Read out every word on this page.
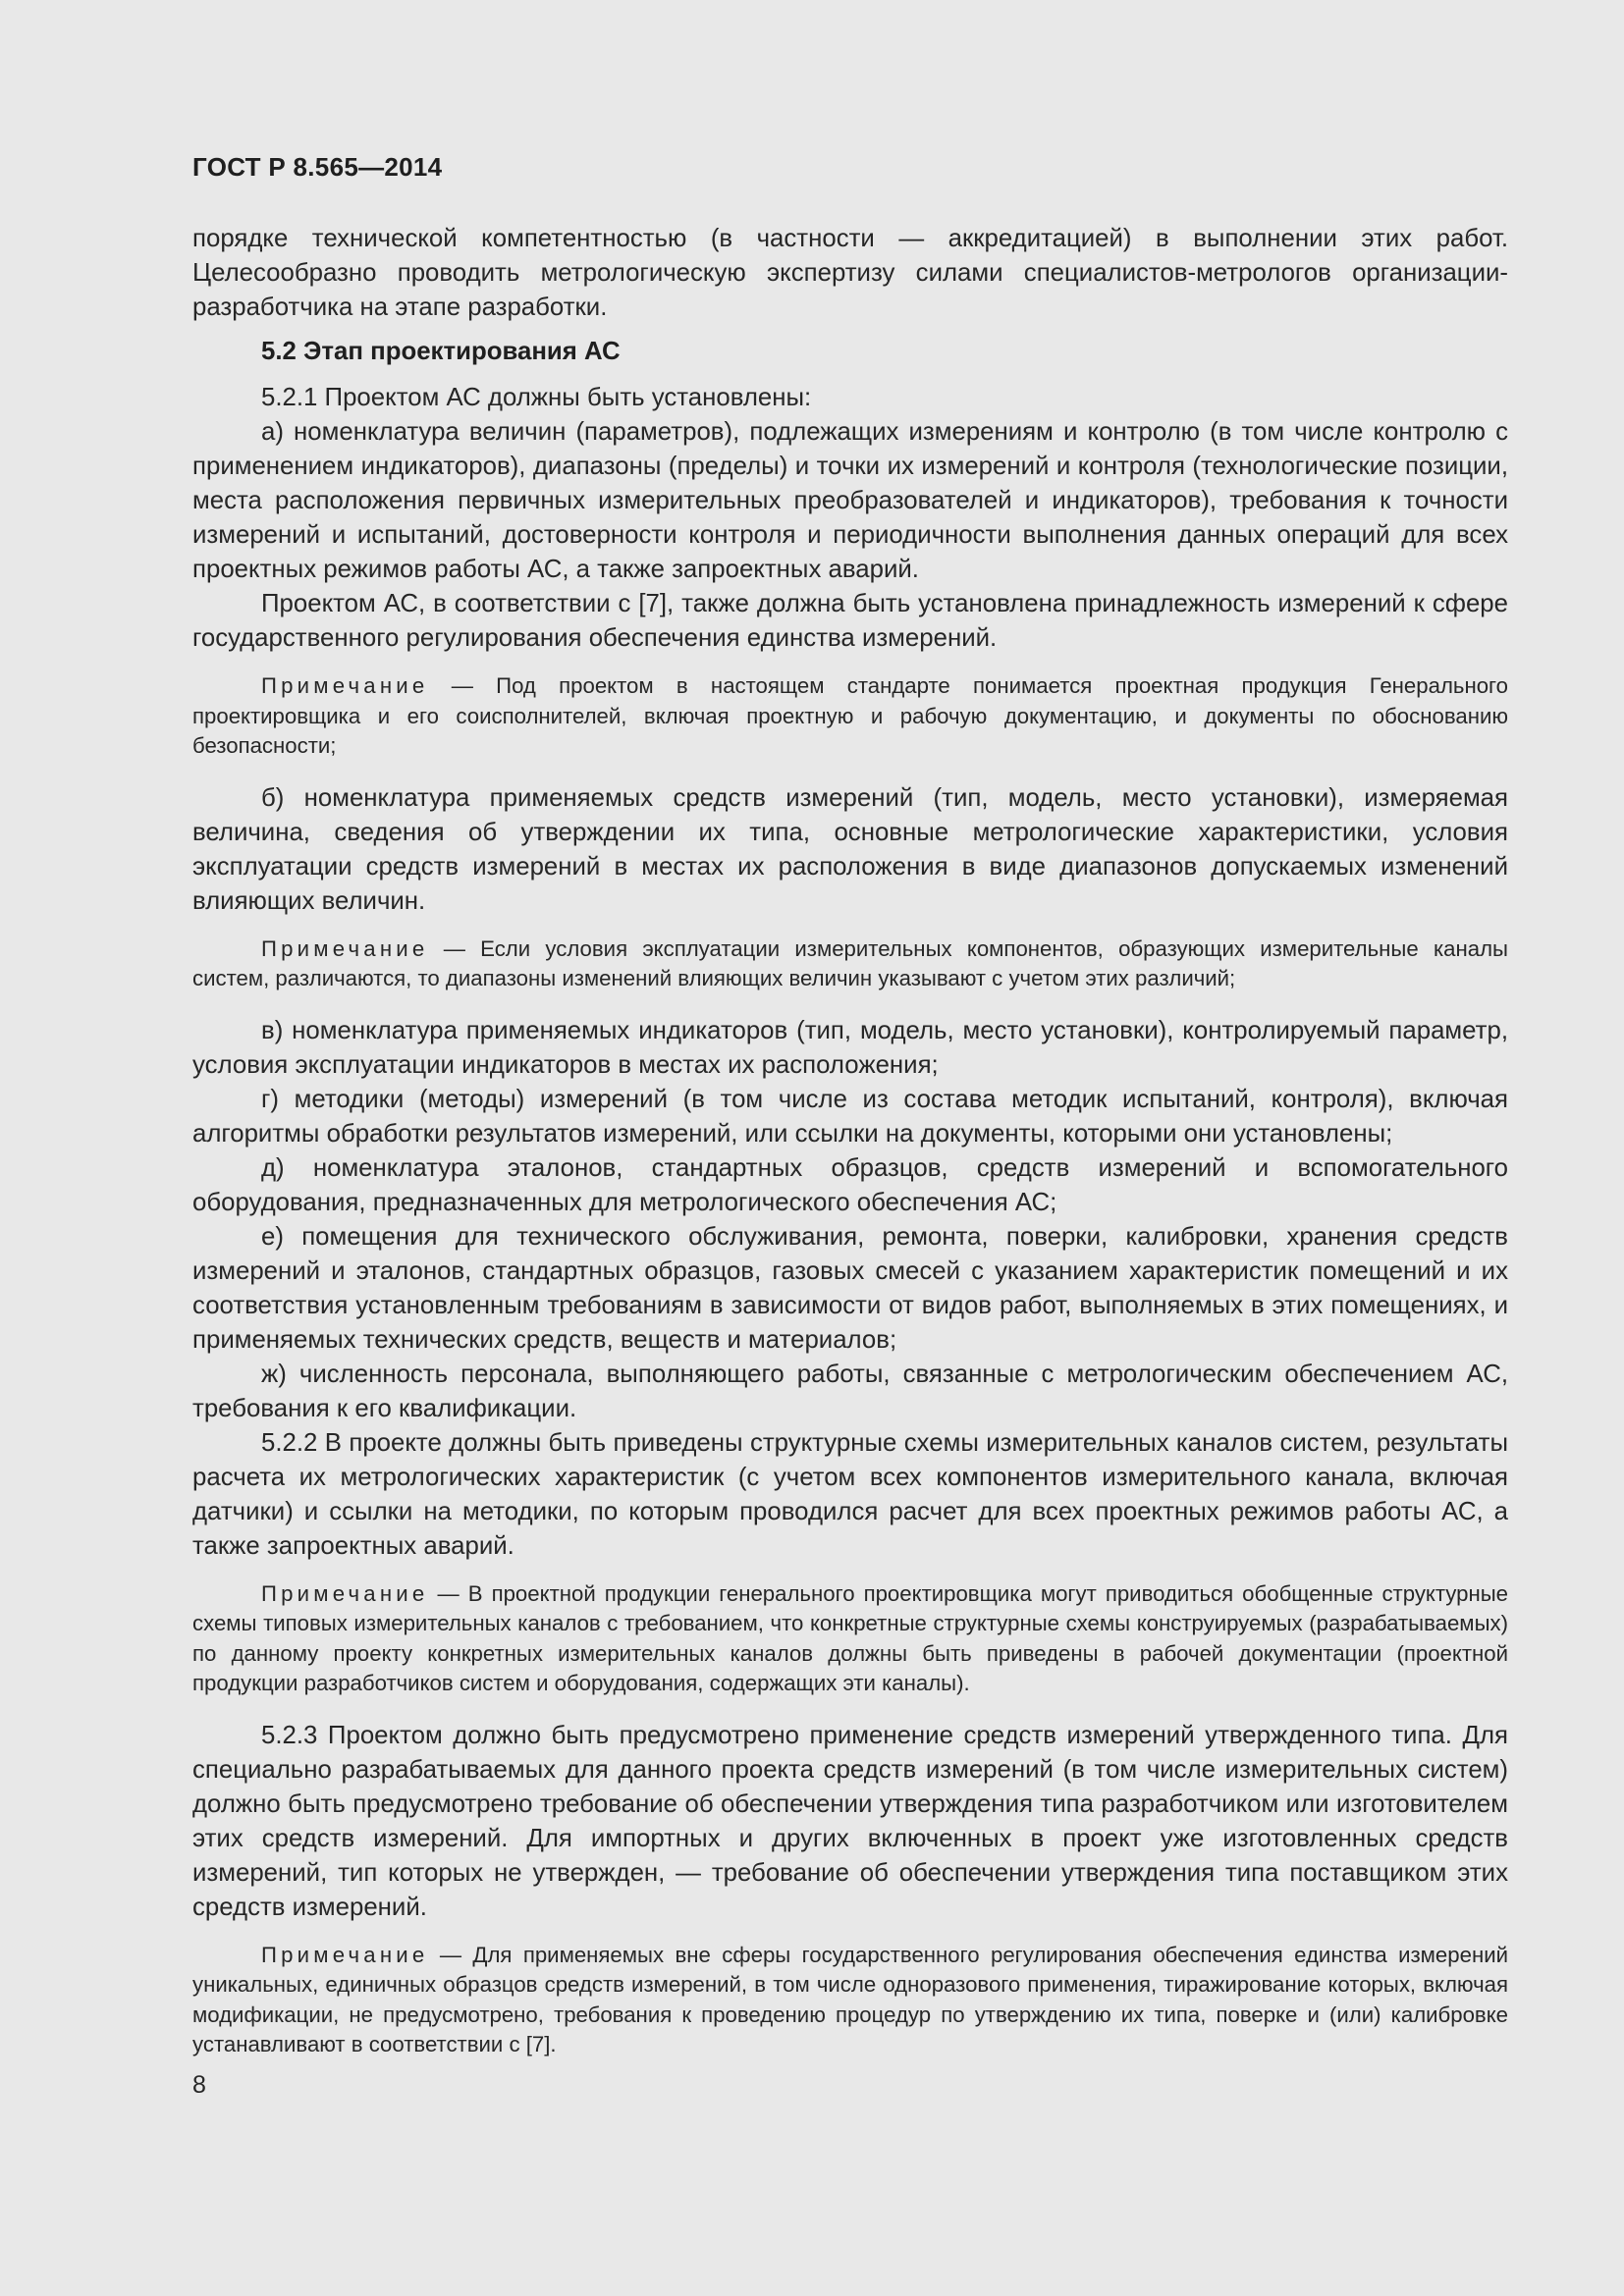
ГОСТ Р 8.565—2014

порядке технической компетентностью (в частности — аккредитацией) в выполнении этих работ. Целесообразно проводить метрологическую экспертизу силами специалистов-метрологов организации-разработчика на этапе разработки.

5.2 Этап проектирования АС

5.2.1 Проектом АС должны быть установлены:

а) номенклатура величин (параметров), подлежащих измерениям и контролю (в том числе контролю с применением индикаторов), диапазоны (пределы) и точки их измерений и контроля (технологические позиции, места расположения первичных измерительных преобразователей и индикаторов), требования к точности измерений и испытаний, достоверности контроля и периодичности выполнения данных операций для всех проектных режимов работы АС, а также запроектных аварий.

Проектом АС, в соответствии с [7], также должна быть установлена принадлежность измерений к сфере государственного регулирования обеспечения единства измерений.

Примечание — Под проектом в настоящем стандарте понимается проектная продукция Генерального проектировщика и его соисполнителей, включая проектную и рабочую документацию, и документы по обоснованию безопасности;

б) номенклатура применяемых средств измерений (тип, модель, место установки), измеряемая величина, сведения об утверждении их типа, основные метрологические характеристики, условия эксплуатации средств измерений в местах их расположения в виде диапазонов допускаемых изменений влияющих величин.

Примечание — Если условия эксплуатации измерительных компонентов, образующих измерительные каналы систем, различаются, то диапазоны изменений влияющих величин указывают с учетом этих различий;

в) номенклатура применяемых индикаторов (тип, модель, место установки), контролируемый параметр, условия эксплуатации индикаторов в местах их расположения;

г) методики (методы) измерений (в том числе из состава методик испытаний, контроля), включая алгоритмы обработки результатов измерений, или ссылки на документы, которыми они установлены;

д) номенклатура эталонов, стандартных образцов, средств измерений и вспомогательного оборудования, предназначенных для метрологического обеспечения АС;

е) помещения для технического обслуживания, ремонта, поверки, калибровки, хранения средств измерений и эталонов, стандартных образцов, газовых смесей с указанием характеристик помещений и их соответствия установленным требованиям в зависимости от видов работ, выполняемых в этих помещениях, и применяемых технических средств, веществ и материалов;

ж) численность персонала, выполняющего работы, связанные с метрологическим обеспечением АС, требования к его квалификации.

5.2.2 В проекте должны быть приведены структурные схемы измерительных каналов систем, результаты расчета их метрологических характеристик (с учетом всех компонентов измерительного канала, включая датчики) и ссылки на методики, по которым проводился расчет для всех проектных режимов работы АС, а также запроектных аварий.

Примечание — В проектной продукции генерального проектировщика могут приводиться обобщенные структурные схемы типовых измерительных каналов с требованием, что конкретные структурные схемы конструируемых (разрабатываемых) по данному проекту конкретных измерительных каналов должны быть приведены в рабочей документации (проектной продукции разработчиков систем и оборудования, содержащих эти каналы).

5.2.3 Проектом должно быть предусмотрено применение средств измерений утвержденного типа. Для специально разрабатываемых для данного проекта средств измерений (в том числе измерительных систем) должно быть предусмотрено требование об обеспечении утверждения типа разработчиком или изготовителем этих средств измерений. Для импортных и других включенных в проект уже изготовленных средств измерений, тип которых не утвержден, — требование об обеспечении утверждения типа поставщиком этих средств измерений.

Примечание — Для применяемых вне сферы государственного регулирования обеспечения единства измерений уникальных, единичных образцов средств измерений, в том числе одноразового применения, тиражирование которых, включая модификации, не предусмотрено, требования к проведению процедур по утверждению их типа, поверке и (или) калибровке устанавливают в соответствии с [7].

8
